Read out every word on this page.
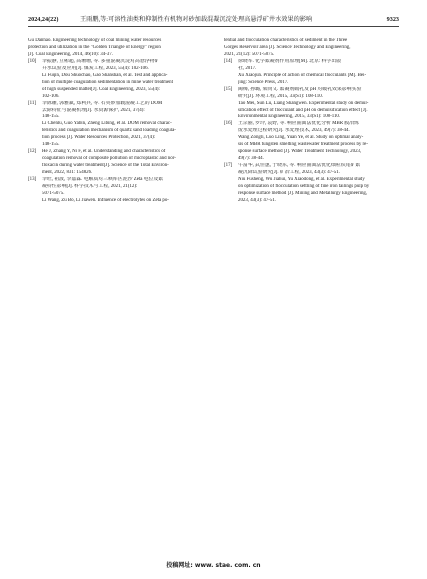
2024,24(22)	王雨鹏,等:可溶性油类和抑制性有机物对砂加载混凝沉淀处理高悬浮矿井水效果的影响	9323
Gu Danhao. Engineering technology of coal mining water resources
protection and utilization in the "Golden Triangle of Energy" region
[J]. Coal Engineering, 2014, 46(10): 34-37.
[10] 李振静, 豆彬超, 高珊珊, 等. 多重混凝沉淀对高悬浮物矿
井水试验及应用[J]. 煤炭工程, 2023, 55(4): 102-106.
Li Fuqin, Dou Shuochao, Gao Shanshan, et al. Test and applica-
tion of multiple coagulation sedimentation in mine water treatment
of high suspended matter[J]. Coal Engineering, 2023, 55(4):
102-106.
[11] 李陈雕, 郭雅斌, 郑利兵, 等. 石英砂加载混凝工艺的 DOM
去除特征与混凝机理[J]. 水资源保护, 2021, 37(4):
148-155.
Li Chenlu, Guo Yabin, Zheng Libing, et al. DOM removal charac-
teristics and coagulation mechanism of quartz sand loading coagula-
tion process [J]. Water Resources Protection, 2021, 37(4):
148-155.
[12] He J, Zhang Y, Ni F, et al. Understanding and characteristics of
coagulation removal of composite pollution of microplastic and nor-
floxacin during water treatment[J]. Science of the Total Environ-
ment, 2022, 831: 154826.
[13] 李旺, 祖波, 李嘉霖. 电解质对三峡库区泥沙 Zeta 电位及絮
凝特性影响[J]. 科学技术与工程, 2021, 21(12):
5071-5075.
Li Wang, Zu Bo, Li Jiawen. Influence of electrolytes on Zeta po-
tential and flocculation characteristics of sediment in the Three
Gorges Reservoir area [J]. Science Technology and Engineering,
2021, 21(12): 5071-5075.
[14] 徐晓军. 化学絮凝剂作用原理[M]. 北京: 科学出版
社, 2017.
Xu Xiaojun. Principle of action of chemical flocculants [M]. Bei-
jing: Science Press, 2017.
[15] 陶梅, 孙璐, 梁尚文. 絮凝剂硫乳及 pH 对破乳效果影响实验
研究[J]. 环境工程, 2015, 33(S1): 108-110.
Tao Mei, Sun Lu, Liang Shangwen. Experimental study on demul-
sification effect of flocculant and pH on demulsification effect [J].
Environmental Engineering, 2015, 33(S1): 108-110.
[16] 王宗丽, 罗玲, 袁野, 等. 响应曲面法优化分析 MBR 膜冶炼
废水处理过程研究[J]. 水处理技术, 2023, 49(7): 38-44.
Wang Zongli, Luo Ling, Yuan Ye, et al. Study on optimal analy-
sis of MBR tungsten smelting wastewater treatment process by re-
sponse surface method [J]. Water Treatment Technology, 2023,
49(7): 38-44.
[17] 牛富华, 武佳蕙, 于晓东, 等. 响应曲面法优化细粒铁尾矿絮
凝沉降试验研究[J]. 矿冶工程, 2023, 43(3): 47-51.
Niu Fusheng, Wu Jiahui, Yu Xiaodong, et al. Experimental study
on optimization of flocculation settling of fine iron tailings pulp by
response surface method [J]. Mining and Metallurgy Engineering,
2023, 43(3): 47-51.
投稿网址: www. stae. com. cn
